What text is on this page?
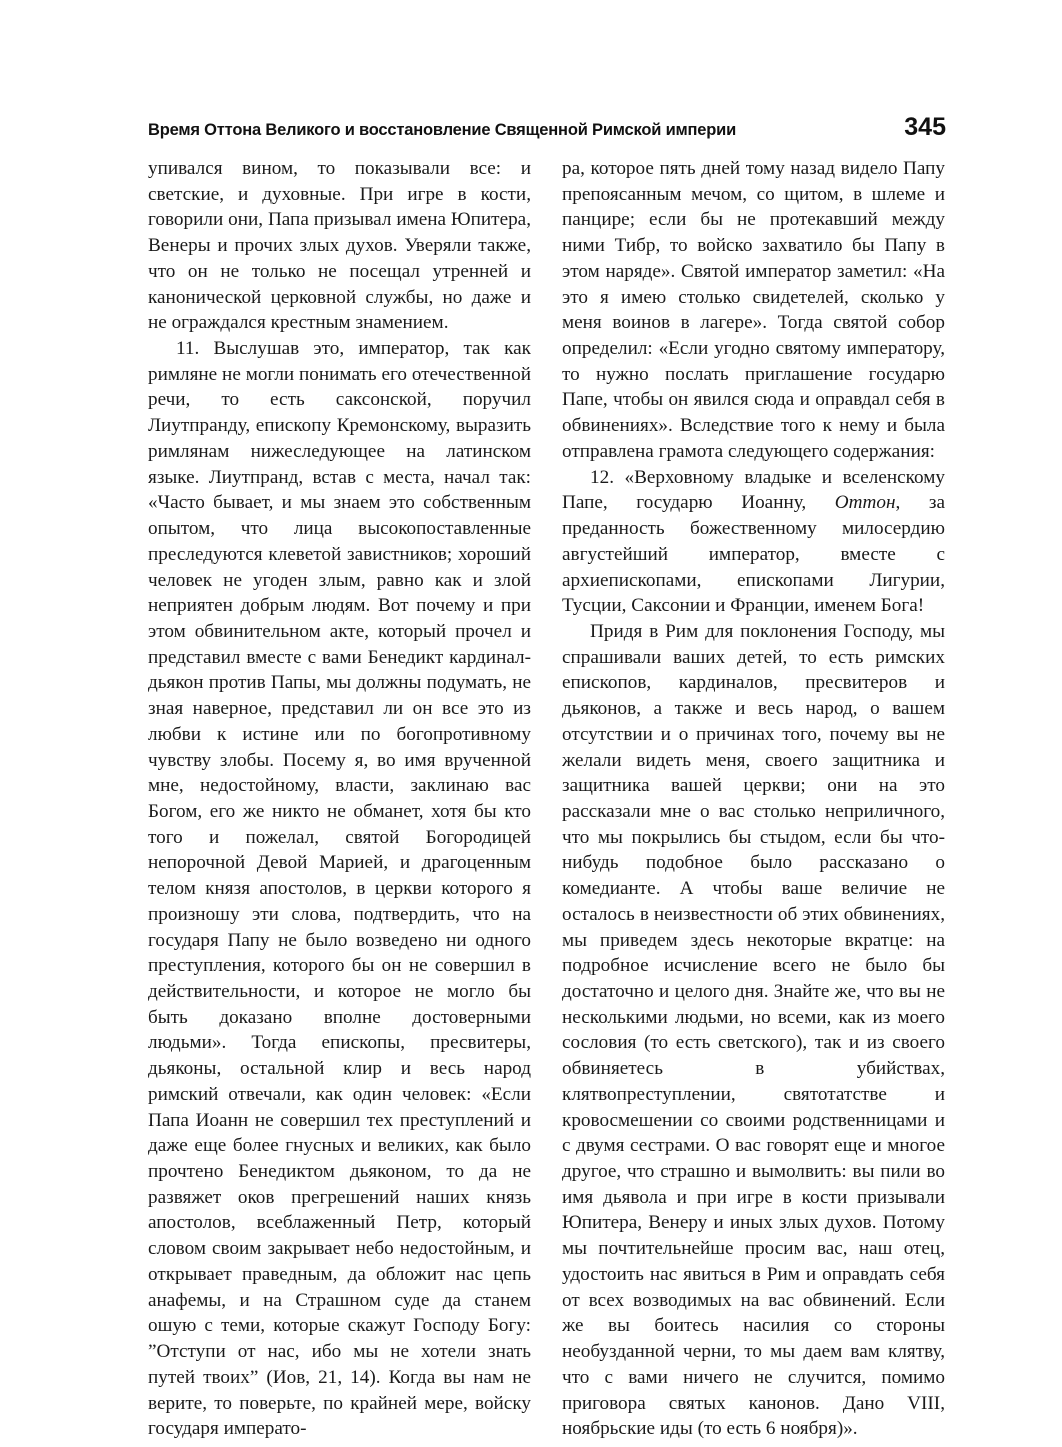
Время Оттона Великого и восстановление Священной Римской империи	345

упивался вином, то показывали все: и светские, и духовные. При игре в кости, говорили они, Папа призывал имена Юпитера, Венеры и прочих злых духов. Уверяли также, что он не только не посещал утренней и канонической церковной службы, но даже и не ограждался крестным знамением.

11. Выслушав это, император, так как римляне не могли понимать его отечественной речи, то есть саксонской, поручил Лиутпранду, епископу Кремонскому, выразить римлянам нижеследующее на латинском языке. Лиутпранд, встав с места, начал так: «Часто бывает, и мы знаем это собственным опытом, что лица высокопоставленные преследуются клеветой завистников; хороший человек не угоден злым, равно как и злой неприятен добрым людям. Вот почему и при этом обвинительном акте, который прочел и представил вместе с вами Бенедикт кардинал-дьякон против Папы, мы должны подумать, не зная наверное, представил ли он все это из любви к истине или по богопротивному чувству злобы. Посему я, во имя врученной мне, недостойному, власти, заклинаю вас Богом, его же никто не обманет, хотя бы кто того и пожелал, святой Богородицей непорочной Девой Марией, и драгоценным телом князя апостолов, в церкви которого я произношу эти слова, подтвердить, что на государя Папу не было возведено ни одного преступления, которого бы он не совершил в действительности, и которое не могло бы быть доказано вполне достоверными людьми». Тогда епископы, пресвитеры, дьяконы, остальной клир и весь народ римский отвечали, как один человек: «Если Папа Иоанн не совершил тех преступлений и даже еще более гнусных и великих, как было прочтено Бенедиктом дьяконом, то да не развяжет оков прегрешений наших князь апостолов, всеблаженный Петр, который словом своим закрывает небо недостойным, и открывает праведным, да обложит нас цепь анафемы, и на Страшном суде да станем ошую с теми, которые скажут Господу Богу: ”Отступи от нас, ибо мы не хотели знать путей твоих” (Иов, 21, 14). Когда вы нам не верите, то поверьте, по крайней мере, войску государя императо-

ра, которое пять дней тому назад видело Папу препоясанным мечом, со щитом, в шлеме и панцире; если бы не протекавший между ними Тибр, то войско захватило бы Папу в этом наряде». Святой император заметил: «На это я имею столько свидетелей, сколько у меня воинов в лагере». Тогда святой собор определил: «Если угодно святому императору, то нужно послать приглашение государю Папе, чтобы он явился сюда и оправдал себя в обвинениях». Вследствие того к нему и была отправлена грамота следующего содержания:

12. «Верховному владыке и вселенскому Папе, государю Иоанну, Оттон, за преданность божественному милосердию августейший император, вместе с архиепископами, епископами Лигурии, Тусции, Саксонии и Франции, именем Бога!

Придя в Рим для поклонения Господу, мы спрашивали ваших детей, то есть римских епископов, кардиналов, пресвитеров и дьяконов, а также и весь народ, о вашем отсутствии и о причинах того, почему вы не желали видеть меня, своего защитника и защитника вашей церкви; они на это рассказали мне о вас столько неприличного, что мы покрылись бы стыдом, если бы что-нибудь подобное было рассказано о комедианте. А чтобы ваше величие не осталось в неизвестности об этих обвинениях, мы приведем здесь некоторые вкратце: на подробное исчисление всего не было бы достаточно и целого дня. Знайте же, что вы не несколькими людьми, но всеми, как из моего сословия (то есть светского), так и из своего обвиняетесь в убийствах, клятвопреступлении, святотатстве и кровосмешении со своими родственницами и с двумя сестрами. О вас говорят еще и многое другое, что страшно и вымолвить: вы пили во имя дьявола и при игре в кости призывали Юпитера, Венеру и иных злых духов. Потому мы почтительнейше просим вас, наш отец, удостоить нас явиться в Рим и оправдать себя от всех возводимых на вас обвинений. Если же вы боитесь насилия со стороны необузданной черни, то мы даем вам клятву, что с вами ничего не случится, помимо приговора святых канонов. Дано VIII, ноябрьские иды (то есть 6 ноября)».
